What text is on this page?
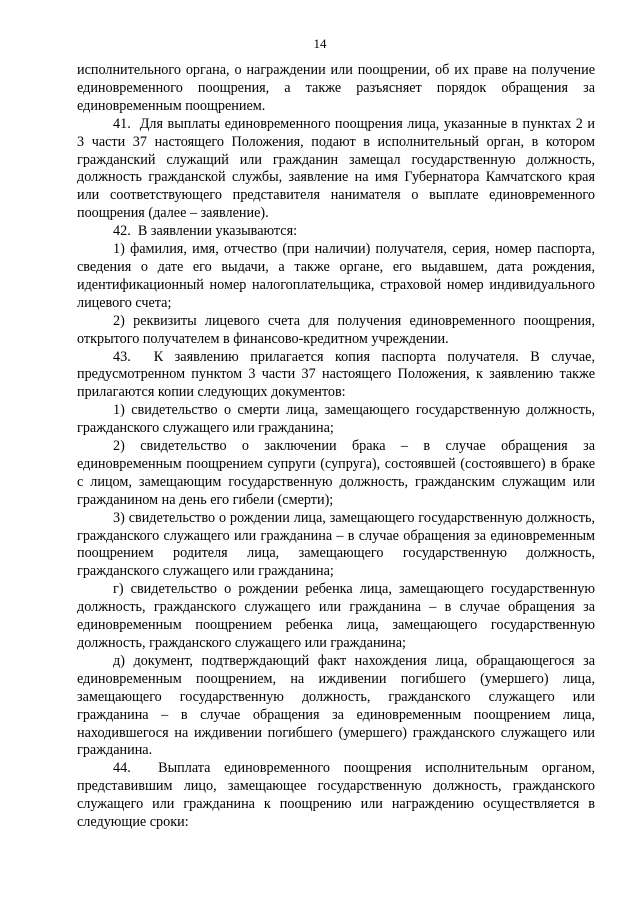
14

исполнительного органа, о награждении или поощрении, об их праве на получение единовременного поощрения, а также разъясняет порядок обращения за единовременным поощрением.

41.  Для выплаты единовременного поощрения лица, указанные в пунктах 2 и 3 части 37 настоящего Положения, подают в исполнительный орган, в котором гражданский служащий или гражданин замещал государственную должность, должность гражданской службы, заявление на имя Губернатора Камчатского края или соответствующего представителя нанимателя о выплате единовременного поощрения (далее – заявление).

42.  В заявлении указываются:

1) фамилия, имя, отчество (при наличии) получателя, серия, номер паспорта, сведения о дате его выдачи, а также органе, его выдавшем, дата рождения, идентификационный номер налогоплательщика, страховой номер индивидуального лицевого счета;

2) реквизиты лицевого счета для получения единовременного поощрения, открытого получателем в финансово-кредитном учреждении.

43.  К заявлению прилагается копия паспорта получателя. В случае, предусмотренном пунктом 3 части 37 настоящего Положения, к заявлению также прилагаются копии следующих документов:

1) свидетельство о смерти лица, замещающего государственную должность, гражданского служащего или гражданина;

2) свидетельство о заключении брака – в случае обращения за единовременным поощрением супруги (супруга), состоявшей (состоявшего) в браке с лицом, замещающим государственную должность, гражданским служащим или гражданином на день его гибели (смерти);

3) свидетельство о рождении лица, замещающего государственную должность, гражданского служащего или гражданина – в случае обращения за единовременным поощрением родителя лица, замещающего государственную должность, гражданского служащего или гражданина;

г) свидетельство о рождении ребенка лица, замещающего государственную должность, гражданского служащего или гражданина – в случае обращения за единовременным поощрением ребенка лица, замещающего государственную должность, гражданского служащего или гражданина;

д) документ, подтверждающий факт нахождения лица, обращающегося за единовременным поощрением, на иждивении погибшего (умершего) лица, замещающего государственную должность, гражданского служащего или гражданина – в случае обращения за единовременным поощрением лица, находившегося на иждивении погибшего (умершего) гражданского служащего или гражданина.

44.  Выплата единовременного поощрения исполнительным органом, представившим лицо, замещающее государственную должность, гражданского служащего или гражданина к поощрению или награждению осуществляется в следующие сроки:
